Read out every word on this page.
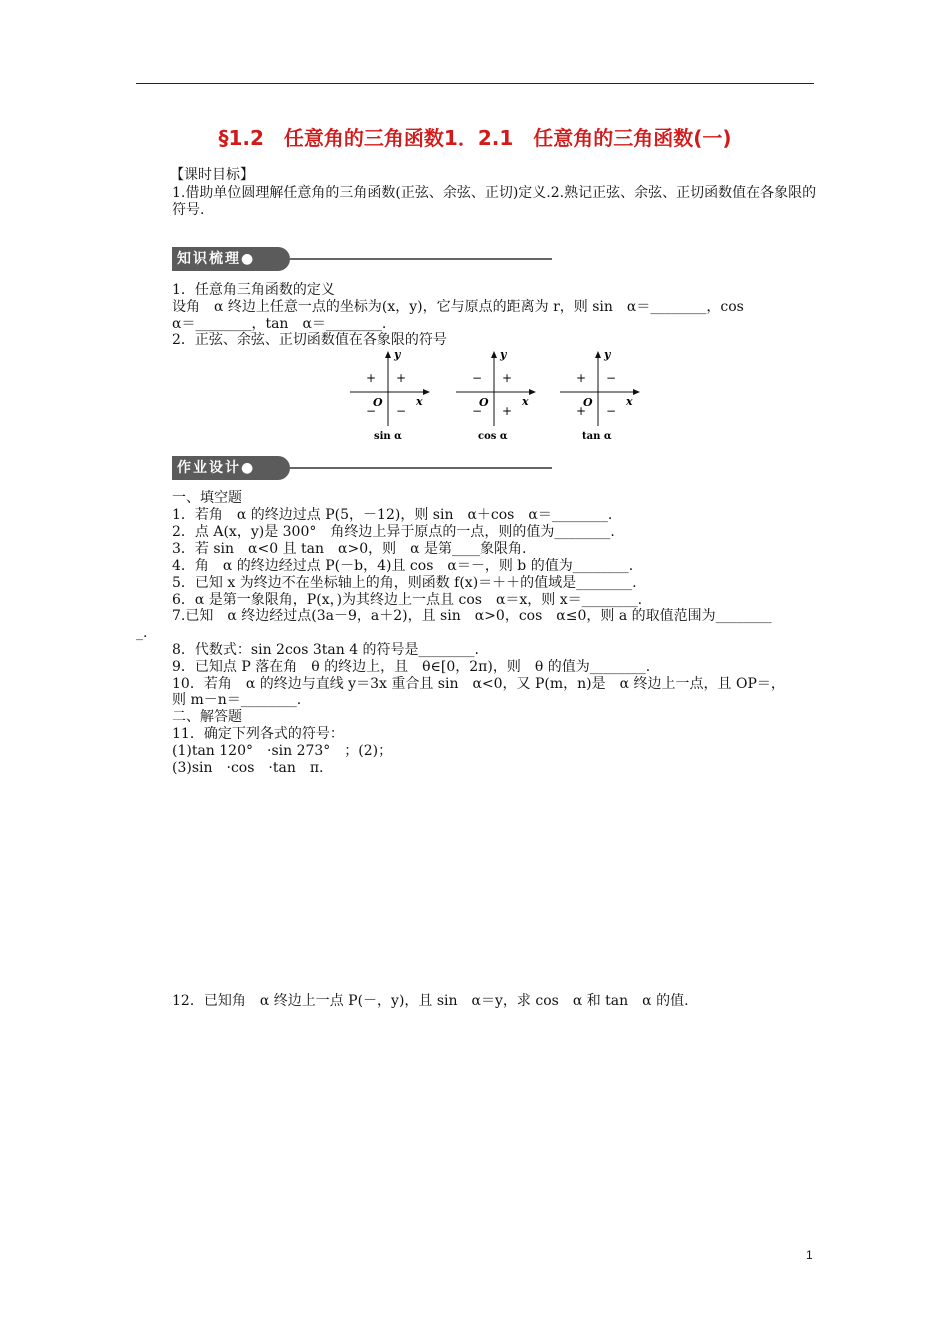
§1.2　任意角的三角函数1．2.1　任意角的三角函数(一)
【课时目标】
1.借助单位圆理解任意角的三角函数(正弦、余弦、正切)定义.2.熟记正弦、余弦、正切函数值在各象限的符号.
知识梳理●
1．任意角三角函数的定义
设角　α 终边上任意一点的坐标为(x，y)，它与原点的距离为 r，则 sin　α＝________，cos
α＝________，tan　α＝________.
2．正弦、余弦、正切函数值在各象限的符号
y
x
O
+
+
− −
sin α
y
x
O
+
−
− +
cos α
y
x
O
−
+
+ −
tan α
作业设计●
一、填空题
1．若角　α 的终边过点 P(5，－12)，则 sin　α＋cos　α＝________.
2．点 A(x，y)是 300°　角终边上异于原点的一点，则的值为________.
3．若 sin　α<0 且 tan　α>0，则　α 是第____象限角.
4．角　α 的终边经过点 P(－b，4)且 cos　α＝－，则 b 的值为________.
5．已知 x 为终边不在坐标轴上的角，则函数 f(x)＝＋＋的值域是________.
6．α 是第一象限角，P(x，)为其终边上一点且 cos　α＝x，则 x＝________.
7.已知　α 终边经过点(3a－9，a＋2)，且 sin　α>0，cos　α≤0，则 a 的取值范围为________
_.
8．代数式：sin 2cos 3tan 4 的符号是________.
9．已知点 P 落在角　θ 的终边上，且　θ∈[0，2π)，则　θ 的值为________.
10．若角　α 的终边与直线 y＝3x 重合且 sin　α<0，又 P(m，n)是　α 终边上一点，且 OP＝，
则 m－n＝________.
二、解答题
11．确定下列各式的符号：
(1)tan 120°　·sin 273°　；(2)；
(3)sin　·cos　·tan　π.
12．已知角　α 终边上一点 P(－，y)，且 sin　α＝y，求 cos　α 和 tan　α 的值.
1
